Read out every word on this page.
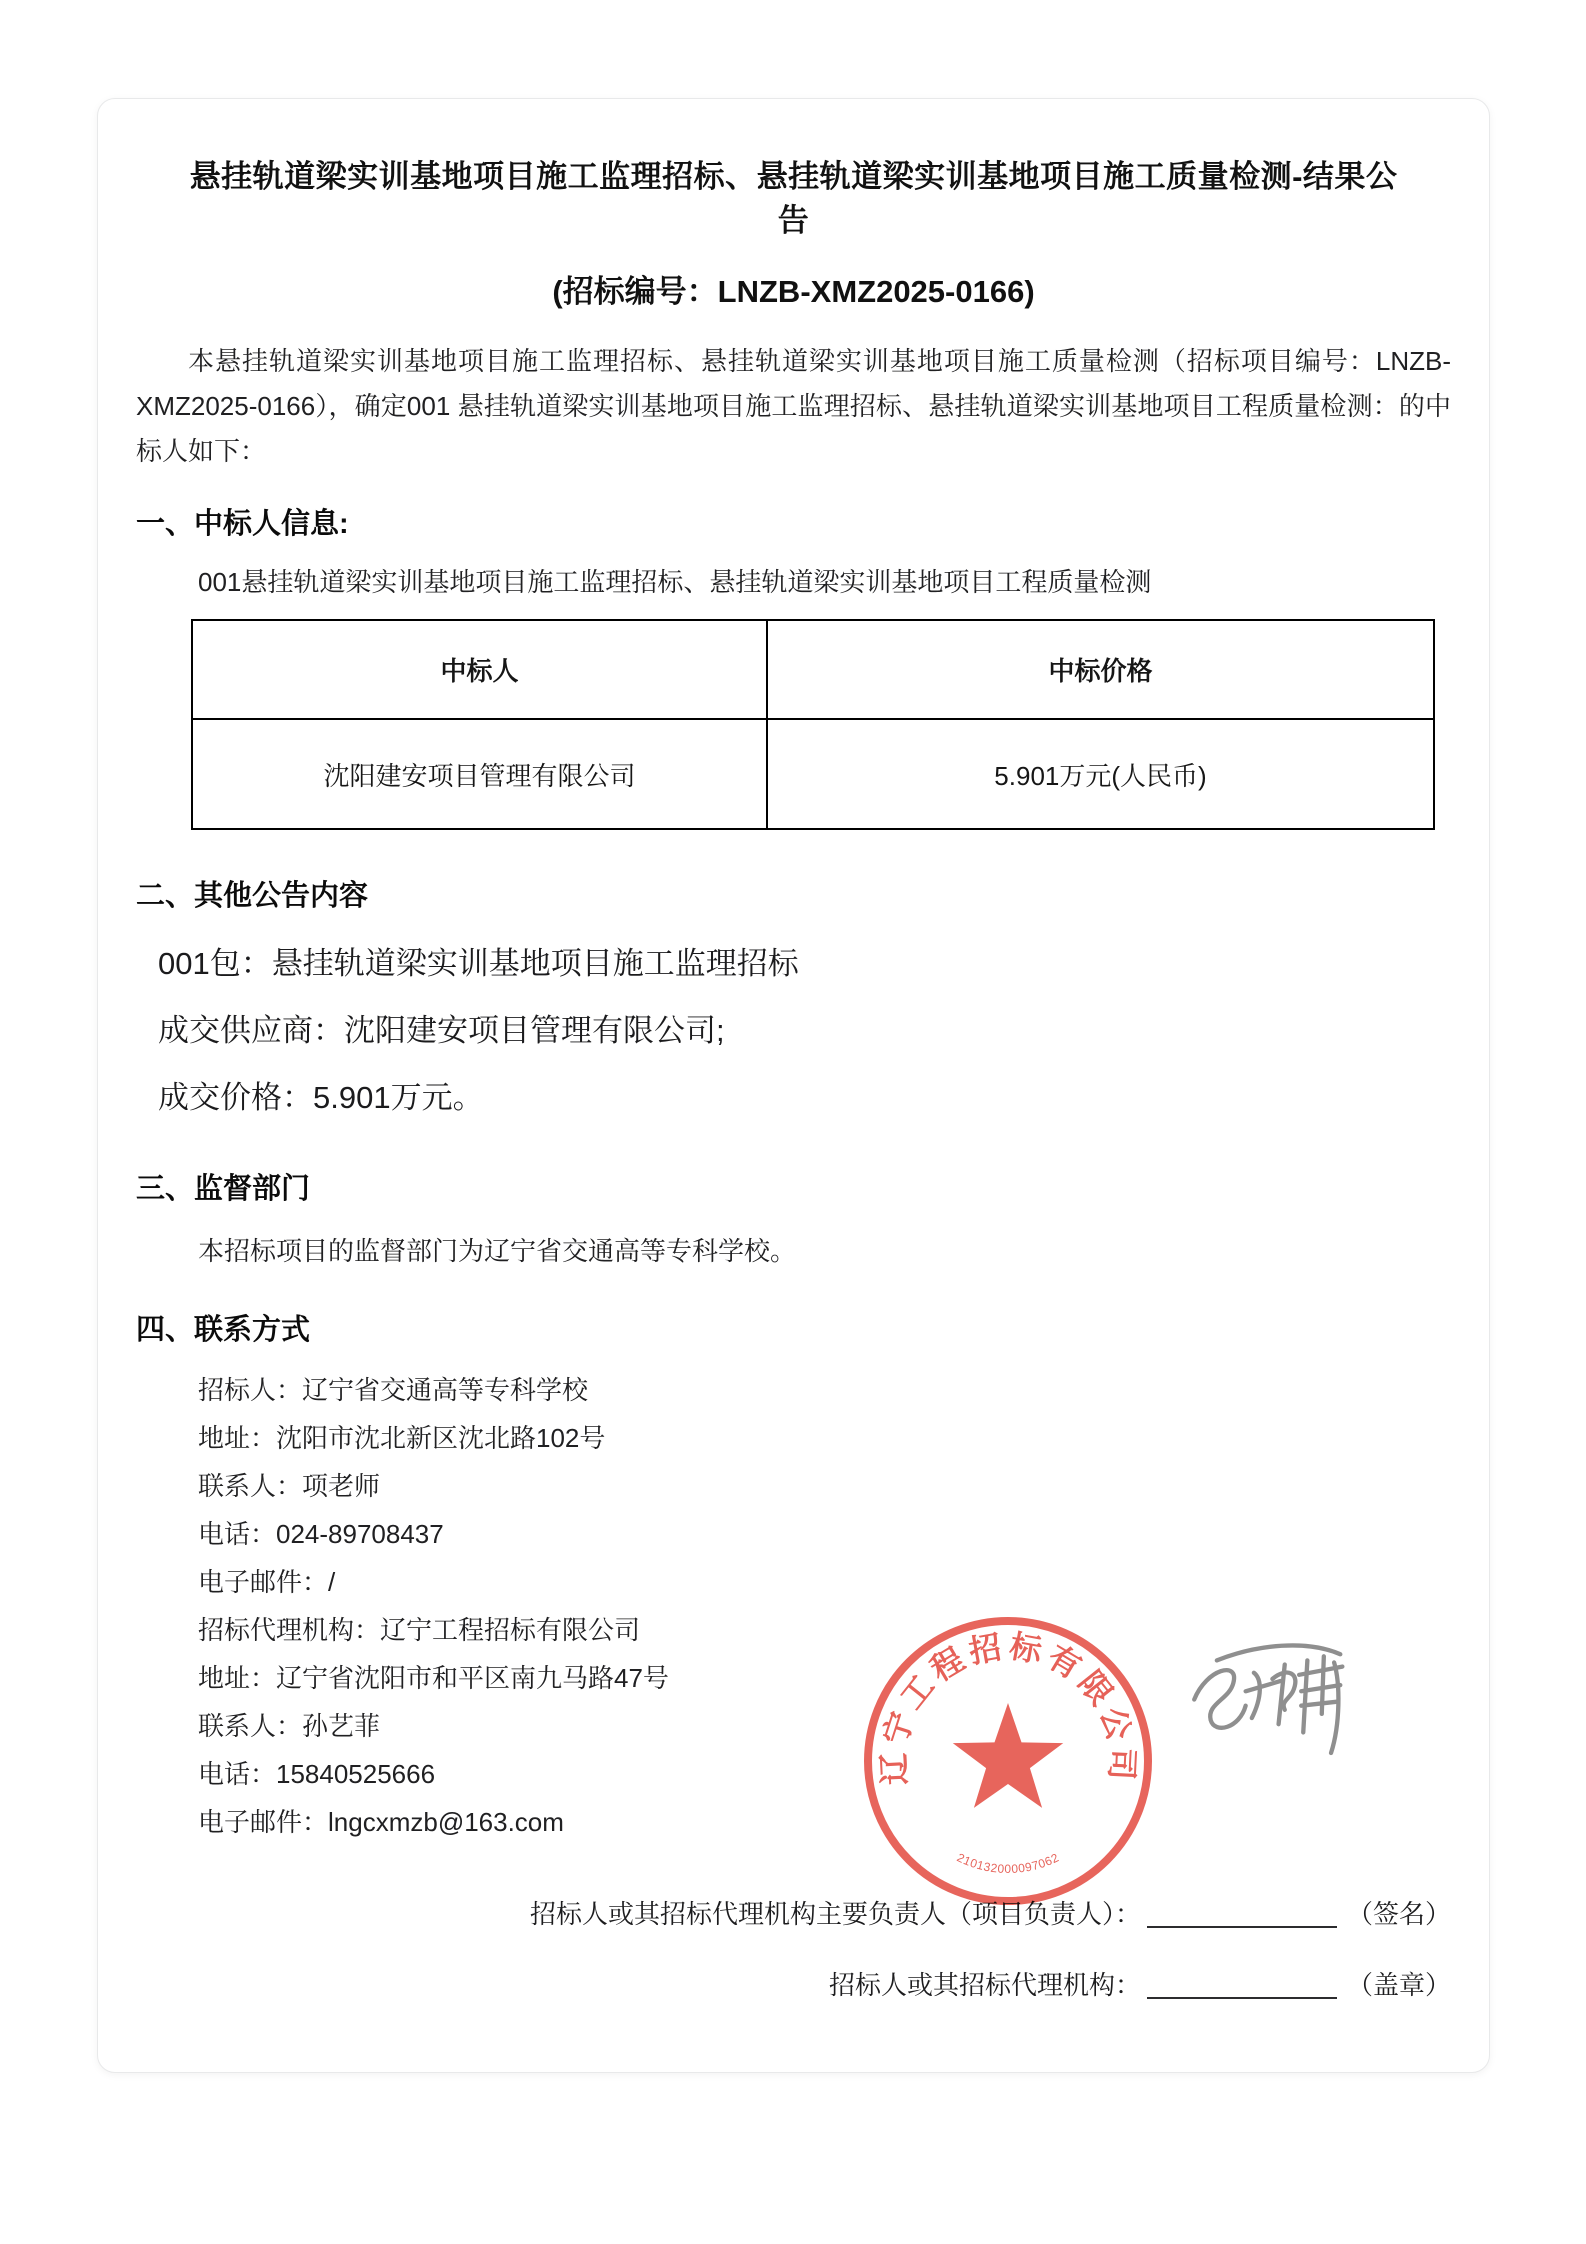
悬挂轨道梁实训基地项目施工监理招标、悬挂轨道梁实训基地项目施工质量检测-结果公告
(招标编号：LNZB-XMZ2025-0166)

本悬挂轨道梁实训基地项目施工监理招标、悬挂轨道梁实训基地项目施工质量检测（招标项目编号：LNZB-XMZ2025-0166），确定001 悬挂轨道梁实训基地项目施工监理招标、悬挂轨道梁实训基地项目工程质量检测：的中标人如下：

一、中标人信息:

001悬挂轨道梁实训基地项目施工监理招标、悬挂轨道梁实训基地项目工程质量检测

中标人	中标价格
沈阳建安项目管理有限公司	5.901万元(人民币)
二、其他公告内容

001包：悬挂轨道梁实训基地项目施工监理招标

成交供应商：沈阳建安项目管理有限公司;

成交价格：5.901万元。

三、监督部门

本招标项目的监督部门为辽宁省交通高等专科学校。

四、联系方式

招标人：辽宁省交通高等专科学校

地址：沈阳市沈北新区沈北路102号

联系人：项老师

电话：024-89708437

电子邮件：/

招标代理机构：辽宁工程招标有限公司

地址：辽宁省沈阳市和平区南九马路47号

联系人：孙艺菲

电话：15840525666

电子邮件：lngcxmzb@163.com

招标人或其招标代理机构主要负责人（项目负责人）：	（签名）
招标人或其招标代理机构：	（盖章）
辽宁工程招标有限公司
210132000097062
